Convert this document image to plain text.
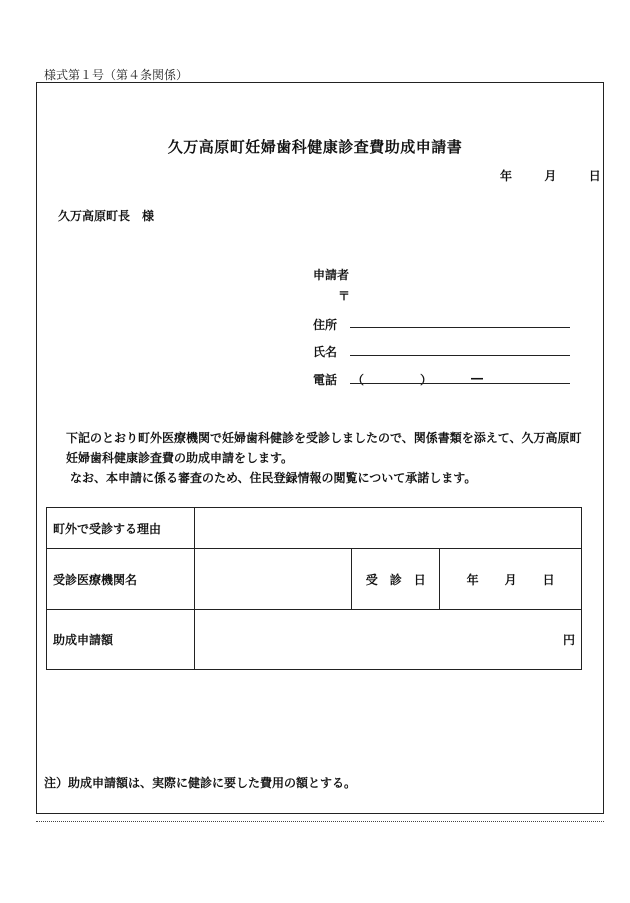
様式第１号（第４条関係）
久万高原町妊婦歯科健康診査費助成申請書
年	月	日
久万高原町長　様
申請者
〒
住所
氏名
電話 （	）	―
下記のとおり町外医療機関で妊婦歯科健診を受診しましたので、関係書類を添えて、久万高原町
妊婦歯科健康診査費の助成申請をします。
なお、本申請に係る審査のため、住民登録情報の閲覧について承諾します。
町外で受診する理由			
受診医療機関名		受　診　日	年 月 日
助成申請額	円		
注）助成申請額は、実際に健診に要した費用の額とする。
